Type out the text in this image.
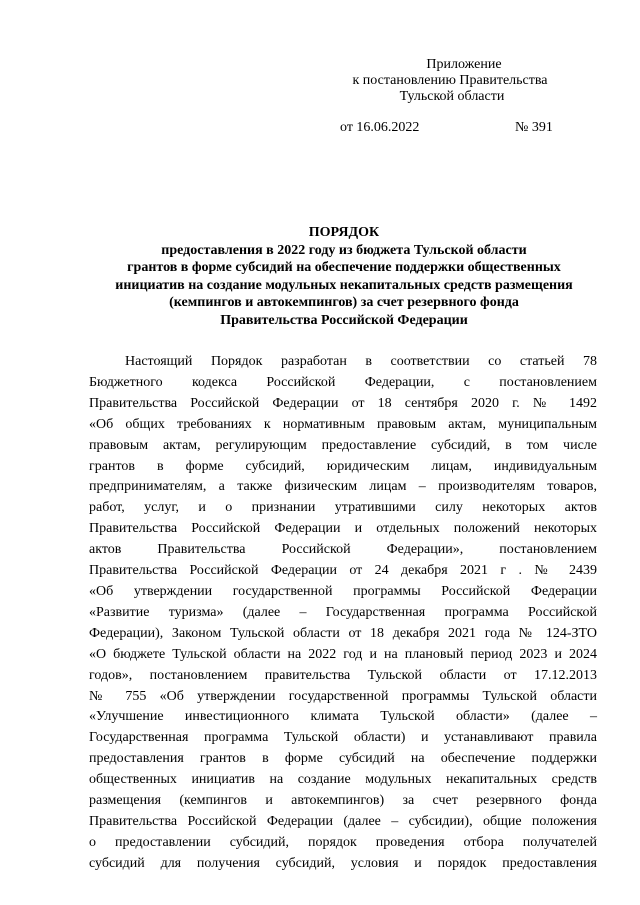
Приложение
к постановлению Правительства
Тульской области
от 16.06.2022	№ 391
ПОРЯДОК
предоставления в 2022 году из бюджета Тульской области
грантов в форме субсидий на обеспечение поддержки общественных
инициатив на создание модульных некапитальных средств размещения
(кемпингов и автокемпингов) за счет резервного фонда
Правительства Российской Федерации
Настоящий Порядок разработан в соответствии со статьей 78
Бюджетного кодекса Российской Федерации, с постановлением
Правительства Российской Федерации от 18 сентября 2020 г. № 1492
«Об общих требованиях к нормативным правовым актам, муниципальным
правовым актам, регулирующим предоставление субсидий, в том числе
грантов в форме субсидий, юридическим лицам, индивидуальным
предпринимателям, а также физическим лицам – производителям товаров,
работ, услуг, и о признании утратившими силу некоторых актов
Правительства Российской Федерации и отдельных положений некоторых
актов Правительства Российской Федерации», постановлением
Правительства Российской Федерации от 24 декабря 2021 г . № 2439
«Об утверждении государственной программы Российской Федерации
«Развитие туризма» (далее – Государственная программа Российской
Федерации), Законом Тульской области от 18 декабря 2021 года № 124-ЗТО
«О бюджете Тульской области на 2022 год и на плановый период 2023 и 2024
годов», постановлением правительства Тульской области от 17.12.2013
№ 755 «Об утверждении государственной программы Тульской области
«Улучшение инвестиционного климата Тульской области» (далее –
Государственная программа Тульской области) и устанавливают правила
предоставления грантов в форме субсидий на обеспечение поддержки
общественных инициатив на создание модульных некапитальных средств
размещения (кемпингов и автокемпингов) за счет резервного фонда
Правительства Российской Федерации (далее – субсидии), общие положения
о предоставлении субсидий, порядок проведения отбора получателей
субсидий для получения субсидий, условия и порядок предоставления
